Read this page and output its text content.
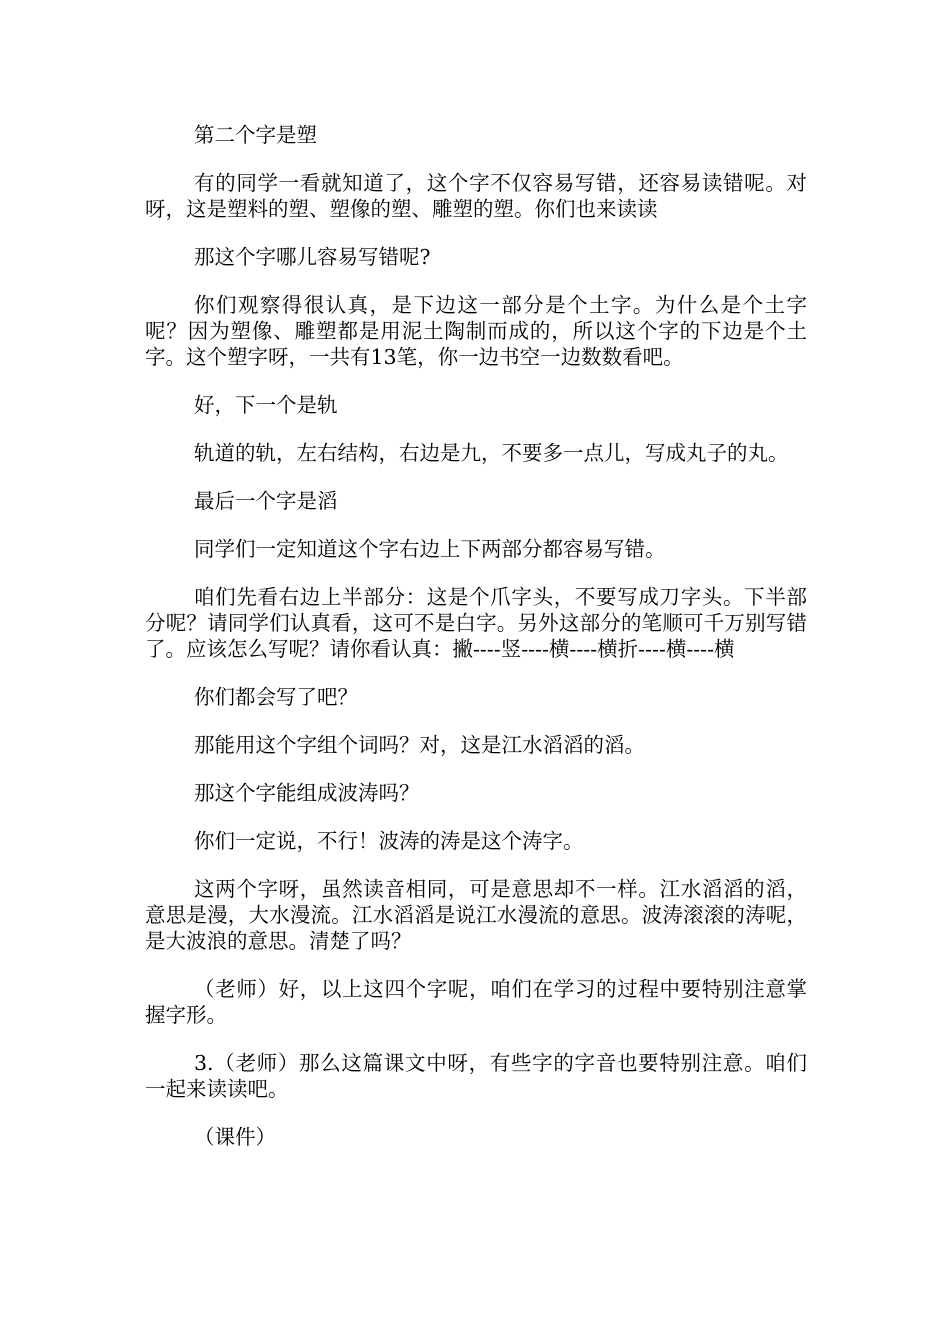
第二个字是塑

有的同学一看就知道了，这个字不仅容易写错，还容易读错呢。对呀，这是塑料的塑、塑像的塑、雕塑的塑。你们也来读读

那这个字哪儿容易写错呢?

你们观察得很认真，是下边这一部分是个土字。为什么是个土字呢？因为塑像、雕塑都是用泥土陶制而成的，所以这个字的下边是个土字。这个塑字呀，一共有13笔，你一边书空一边数数看吧。

好，下一个是轨

轨道的轨，左右结构，右边是九，不要多一点儿，写成丸子的丸。

最后一个字是滔

同学们一定知道这个字右边上下两部分都容易写错。

咱们先看右边上半部分：这是个爪字头，不要写成刀字头。下半部分呢？请同学们认真看，这可不是白字。另外这部分的笔顺可千万别写错了。应该怎么写呢？请你看认真：撇----竖----横----横折----横----横

你们都会写了吧？

那能用这个字组个词吗？对，这是江水滔滔的滔。

那这个字能组成波涛吗？

你们一定说，不行！波涛的涛是这个涛字。

这两个字呀，虽然读音相同，可是意思却不一样。江水滔滔的滔，意思是漫，大水漫流。江水滔滔是说江水漫流的意思。波涛滚滚的涛呢，是大波浪的意思。清楚了吗？

（老师）好，以上这四个字呢，咱们在学习的过程中要特别注意掌握字形。

3.（老师）那么这篇课文中呀，有些字的字音也要特别注意。咱们一起来读读吧。

（课件）
